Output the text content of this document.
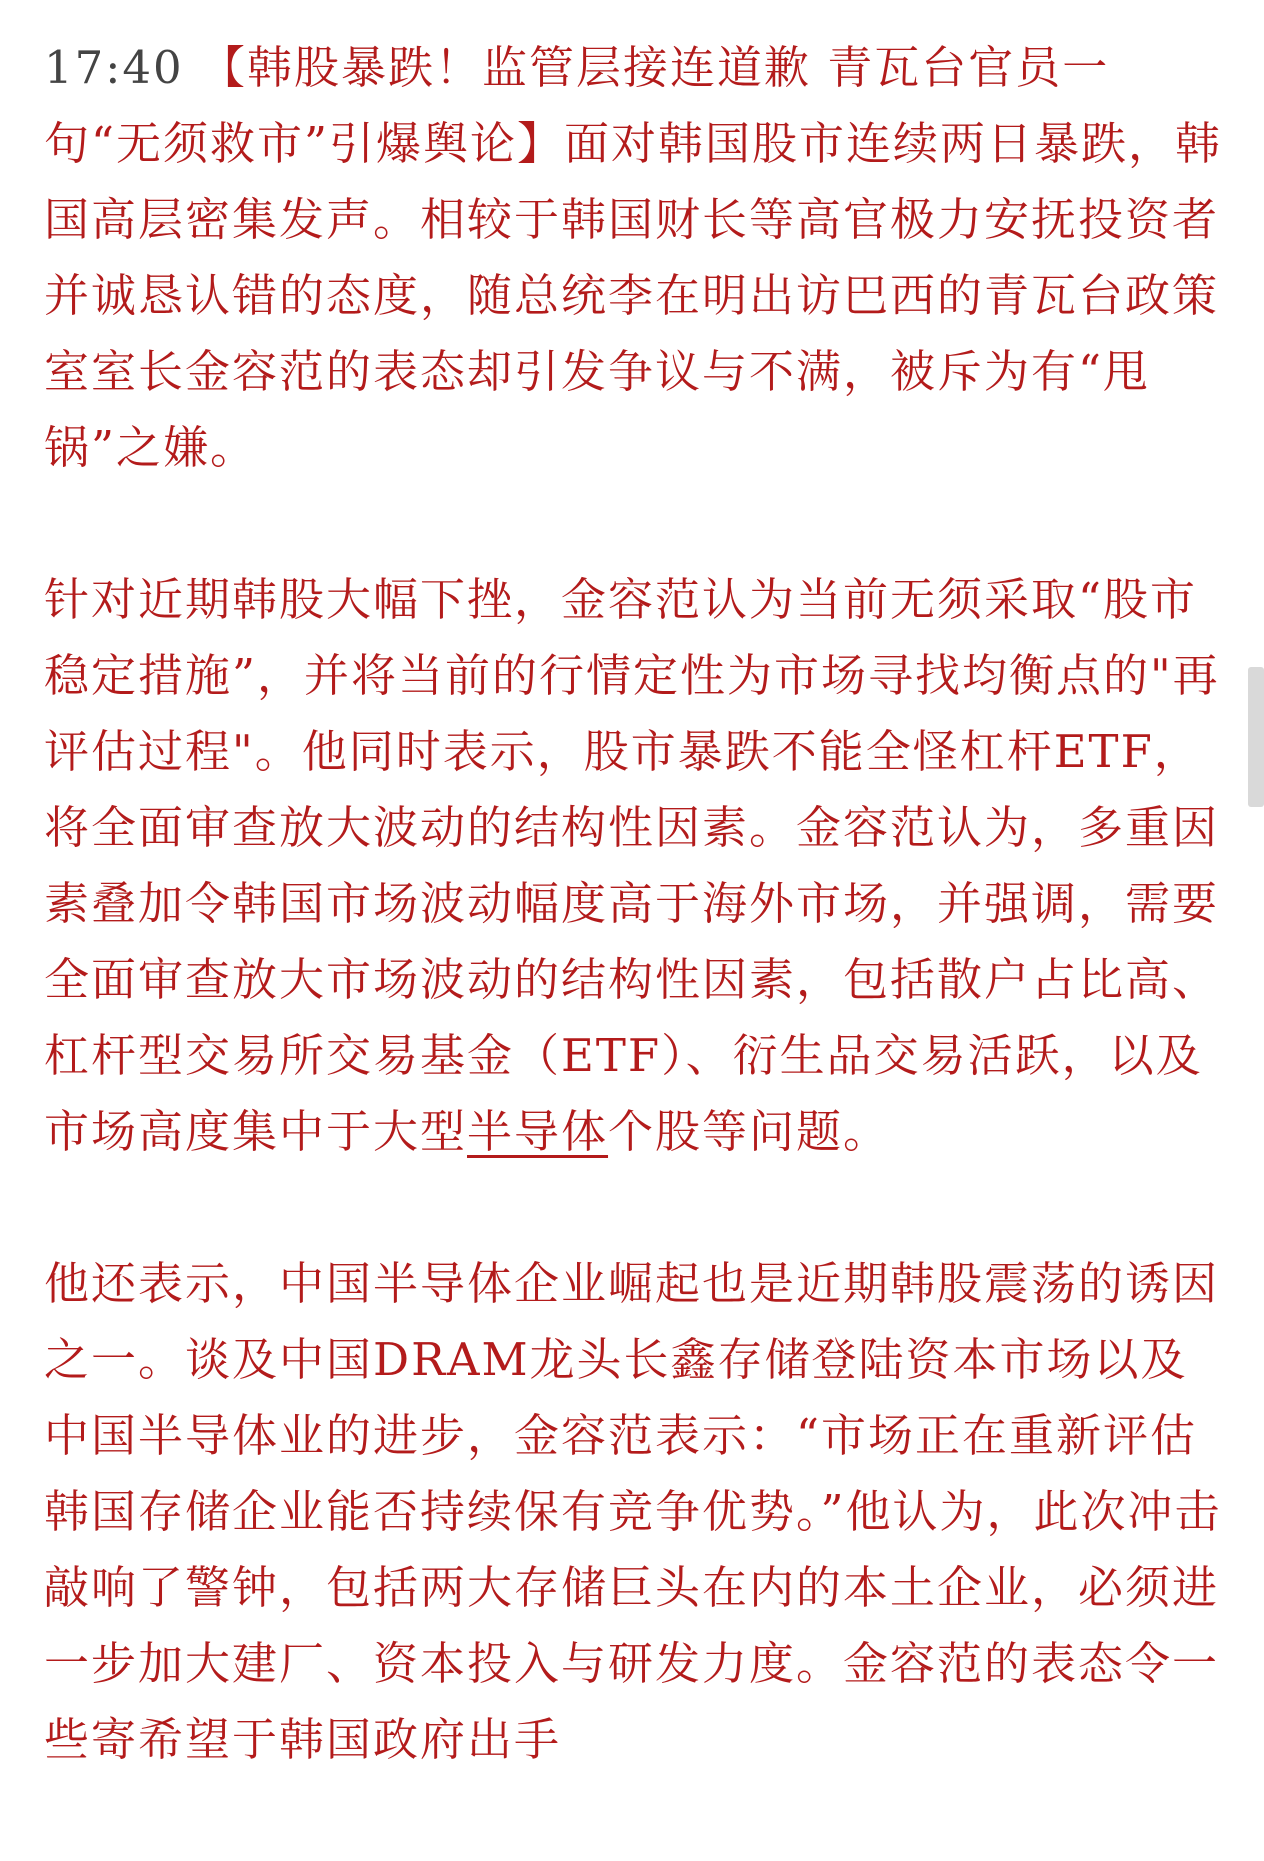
17:40 【韩股暴跌！监管层接连道歉 青瓦台官员一句“无须救市”引爆舆论】面对韩国股市连续两日暴跌，韩国高层密集发声。相较于韩国财长等高官极力安抚投资者并诚恳认错的态度，随总统李在明出访巴西的青瓦台政策室室长金容范的表态却引发争议与不满，被斥为有“甩锅”之嫌。

针对近期韩股大幅下挫，金容范认为当前无须采取“股市稳定措施”，并将当前的行情定性为市场寻找均衡点的"再评估过程"。他同时表示，股市暴跌不能全怪杠杆ETF，将全面审查放大波动的结构性因素。金容范认为，多重因素叠加令韩国市场波动幅度高于海外市场，并强调，需要全面审查放大市场波动的结构性因素，包括散户占比高、杠杆型交易所交易基金（ETF）、衍生品交易活跃，以及市场高度集中于大型半导体个股等问题。

他还表示，中国半导体企业崛起也是近期韩股震荡的诱因之一。谈及中国DRAM龙头长鑫存储登陆资本市场以及中国半导体业的进步，金容范表示：“市场正在重新评估韩国存储企业能否持续保有竞争优势。”他认为，此次冲击敲响了警钟，包括两大存储巨头在内的本土企业，必须进一步加大建厂、资本投入与研发力度。金容范的表态令一些寄希望于韩国政府出手
